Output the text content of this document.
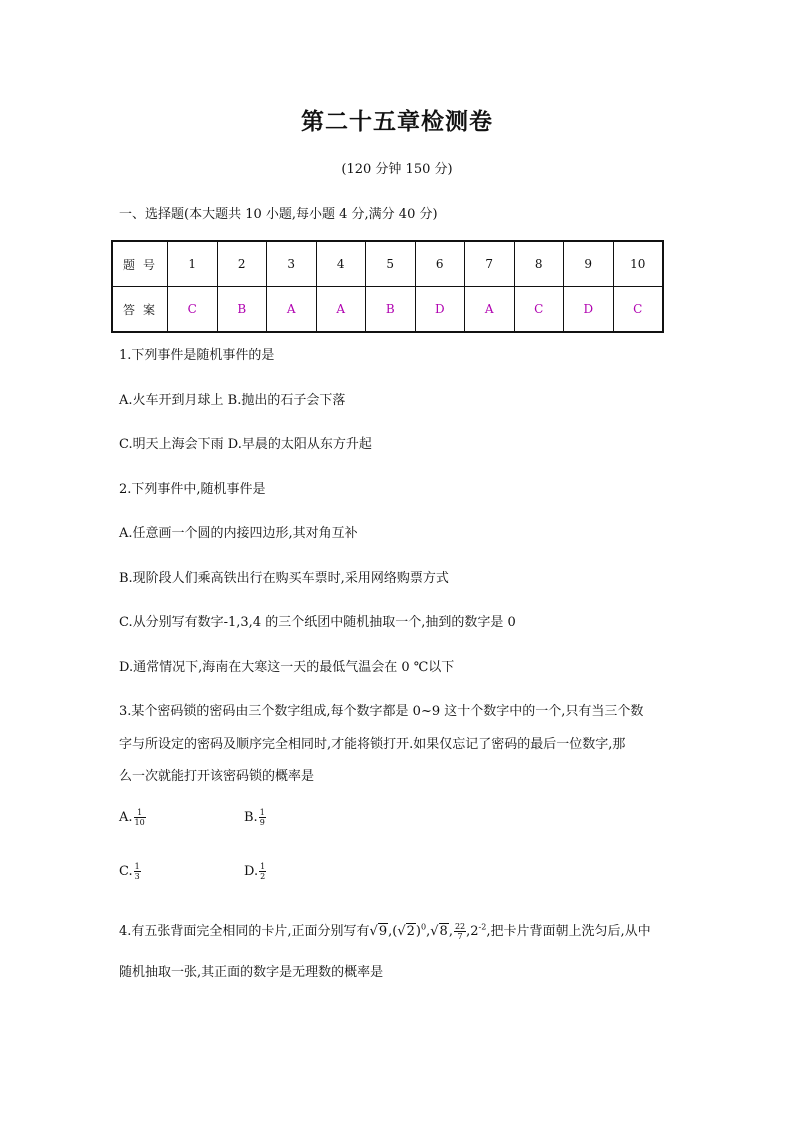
第二十五章检测卷
(120 分钟 150 分)
一、选择题(本大题共 10 小题,每小题 4 分,满分 40 分)
题号	1	2	3	4	5	6	7	8	9	10
答案	C	B	A	A	B	D	A	C	D	C
1.下列事件是随机事件的是
A.火车开到月球上 B.抛出的石子会下落
C.明天上海会下雨 D.早晨的太阳从东方升起
2.下列事件中,随机事件是
A.任意画一个圆的内接四边形,其对角互补
B.现阶段人们乘高铁出行在购买车票时,采用网络购票方式
C.从分别写有数字-1,3,4 的三个纸团中随机抽取一个,抽到的数字是 0
D.通常情况下,海南在大寒这一天的最低气温会在 0 ℃以下
3.某个密码锁的密码由三个数字组成,每个数字都是 0~9 这十个数字中的一个,只有当三个数
字与所设定的密码及顺序完全相同时,才能将锁打开.如果仅忘记了密码的最后一位数字,那
么一次就能打开该密码锁的概率是
A. $\frac{1}{10}$	B. $\frac{1}{9}$
C. $\frac{1}{3}$	D. $\frac{1}{2}$
4.有五张背面完全相同的卡片,正面分别写有$√9,(√2)^0,√8$, $\frac{22}{7} ,2^{-2}$,把卡片背面朝上洗匀后,从中
随机抽取一张,其正面的数字是无理数的概率是
